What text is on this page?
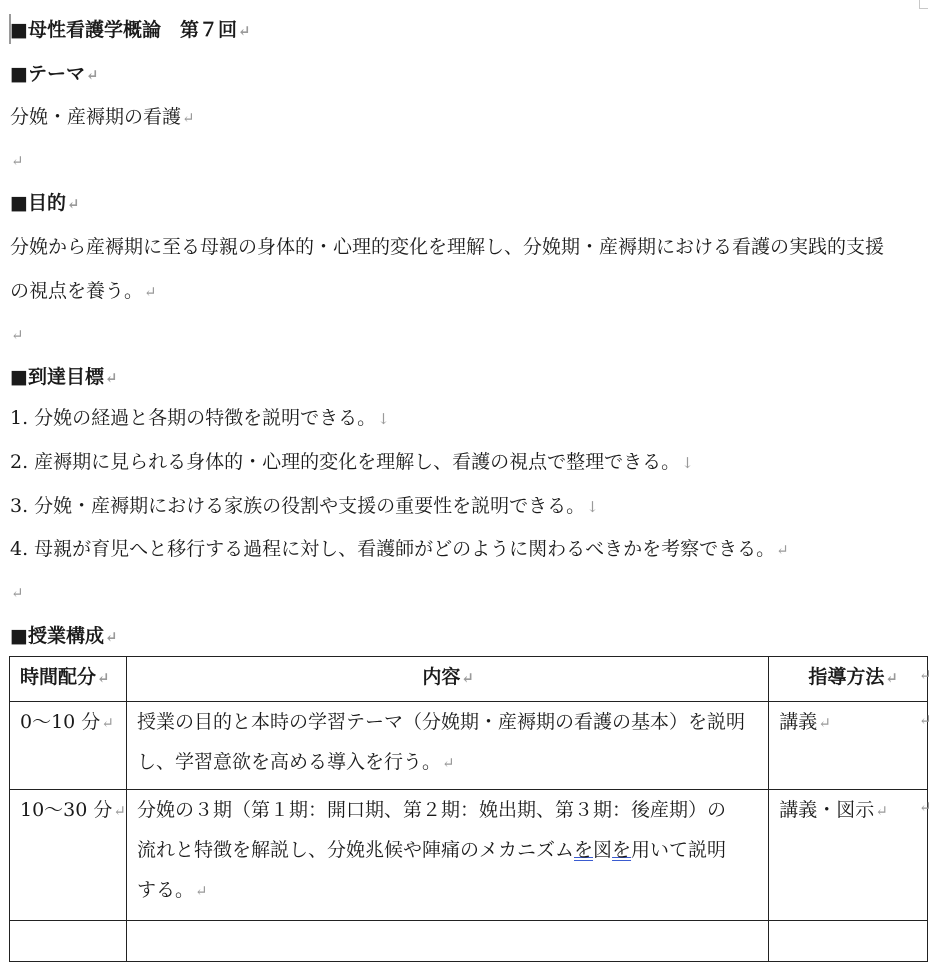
■母性看護学概論　第７回↵
■テーマ↵
分娩・産褥期の看護↵
↵
■目的↵
分娩から産褥期に至る母親の身体的・心理的変化を理解し、分娩期・産褥期における看護の実践的支援
の視点を養う。↵
↵
■到達目標↵
1. 分娩の経過と各期の特徴を説明できる。↓
2. 産褥期に見られる身体的・心理的変化を理解し、看護の視点で整理できる。↓
3. 分娩・産褥期における家族の役割や支援の重要性を説明できる。↓
4. 母親が育児へと移行する過程に対し、看護師がどのように関わるべきかを考察できる。↵
↵
■授業構成↵
時間配分↵	内容↵	指導方法↵
0～10 分↵	授業の目的と本時の学習テーマ（分娩期・産褥期の看護の基本）を説明
し、学習意欲を高める導入を行う。↵	講義↵
10～30 分↵	分娩の３期（第１期：開口期、第２期：娩出期、第３期：後産期）の
流れと特徴を解説し、分娩兆候や陣痛のメカニズムを図を用いて説明
する。↵	講義・図示↵

↵
↵
↵
